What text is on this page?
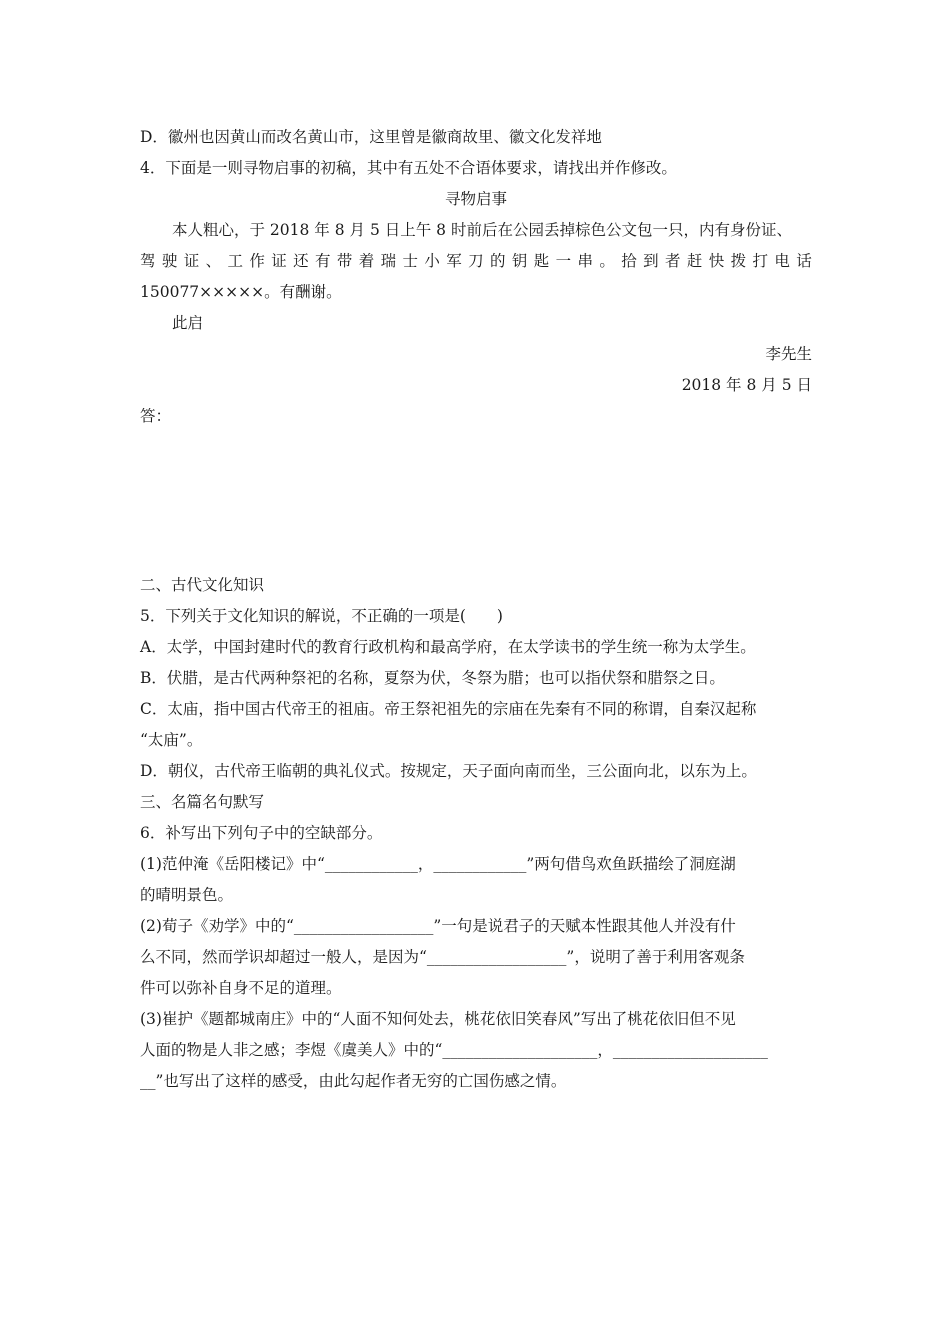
D．徽州也因黄山而改名黄山市，这里曾是徽商故里、徽文化发祥地

4．下面是一则寻物启事的初稿，其中有五处不合语体要求，请找出并作修改。

寻物启事

本人粗心，于 2018 年 8 月 5 日上午 8 时前后在公园丢掉棕色公文包一只，内有身份证、

驾 驶 证 、 工 作 证 还 有 带 着 瑞 士 小 军 刀 的 钥 匙 一 串 。 拾 到 者 赶 快 拨 打 电 话

150077×××××。有酬谢。

此启

李先生

2018 年 8 月 5 日

答：

二、古代文化知识

5．下列关于文化知识的解说，不正确的一项是(　　)

A．太学，中国封建时代的教育行政机构和最高学府，在太学读书的学生统一称为太学生。

B．伏腊，是古代两种祭祀的名称，夏祭为伏，冬祭为腊；也可以指伏祭和腊祭之日。

C．太庙，指中国古代帝王的祖庙。帝王祭祀祖先的宗庙在先秦有不同的称谓，自秦汉起称

“太庙”。

D．朝仪，古代帝王临朝的典礼仪式。按规定，天子面向南而坐，三公面向北，以东为上。

三、名篇名句默写

6．补写出下列句子中的空缺部分。

(1)范仲淹《岳阳楼记》中“____________，____________”两句借鸟欢鱼跃描绘了洞庭湖

的晴明景色。

(2)荀子《劝学》中的“__________________”一句是说君子的天赋本性跟其他人并没有什

么不同，然而学识却超过一般人，是因为“__________________”，说明了善于利用客观条

件可以弥补自身不足的道理。

(3)崔护《题都城南庄》中的“人面不知何处去，桃花依旧笑春风”写出了桃花依旧但不见

人面的物是人非之感；李煜《虞美人》中的“____________________，____________________

__”也写出了这样的感受，由此勾起作者无穷的亡国伤感之情。
